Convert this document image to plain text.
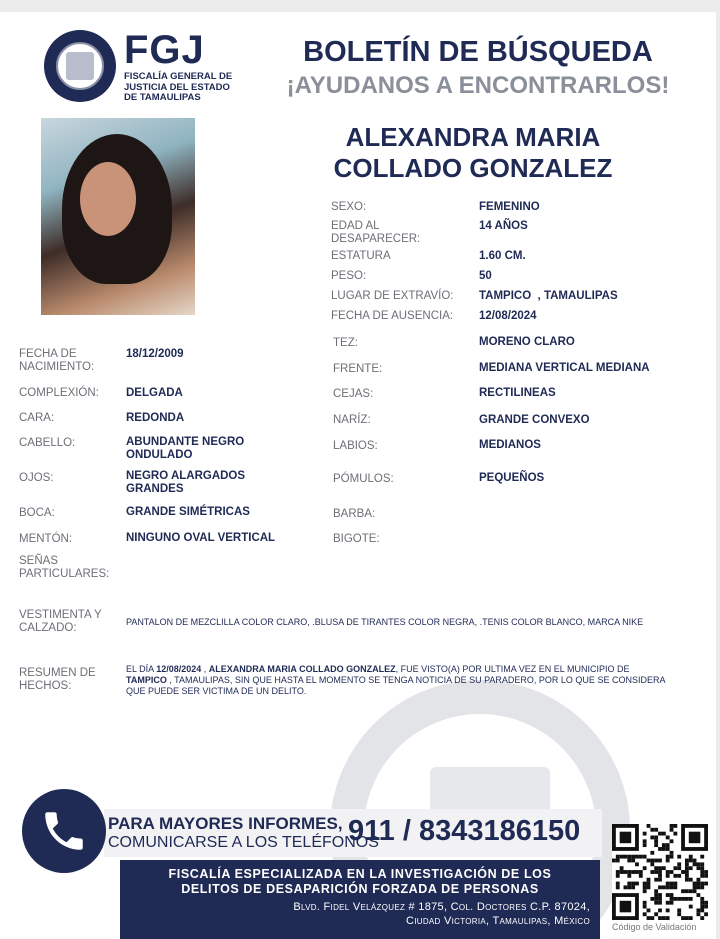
FGJ
FISCALÍA GENERAL DE JUSTICIA DEL ESTADO DE TAMAULIPAS
BOLETÍN DE BÚSQUEDA
¡AYUDANOS A ENCONTRARLOS!
ALEXANDRA MARIA
COLLADO GONZALEZ
SEXO:	FEMENINO
EDAD AL DESAPARECER:
14 AÑOS
ESTATURA	1.60 CM.
PESO:	50
LUGAR DE EXTRAVÍO: TAMPICO  , TAMAULIPAS
FECHA DE AUSENCIA: 12/08/2024
TEZ:	MORENO CLARO
FRENTE:	MEDIANA VERTICAL MEDIANA
CEJAS:	RECTILINEAS
NARÍZ:	GRANDE CONVEXO
LABIOS:	MEDIANOS
PÓMULOS:	PEQUEÑOS
BARBA:
BIGOTE:
FECHA DE NACIMIENTO:
18/12/2009
COMPLEXIÓN: DELGADA
CARA:	REDONDA
CABELLO:	ABUNDANTE NEGRO ONDULADO
OJOS:	NEGRO ALARGADOS GRANDES
BOCA:	GRANDE SIMÉTRICAS
MENTÓN:	NINGUNO OVAL VERTICAL
SEÑAS PARTICULARES:
VESTIMENTA Y CALZADO:	PANTALON DE MEZCLILLA COLOR CLARO, .BLUSA DE TIRANTES COLOR NEGRA, .TENIS COLOR BLANCO, MARCA NIKE
RESUMEN DE HECHOS:
EL DÍA 12/08/2024 , ALEXANDRA MARIA COLLADO GONZALEZ, FUE VISTO(A) POR ULTIMA VEZ EN EL MUNICIPIO DE TAMPICO , TAMAULIPAS, SIN QUE HASTA EL MOMENTO SE TENGA NOTICIA DE SU PARADERO, POR LO QUE SE CONSIDERA QUE PUEDE SER VICTIMA DE UN DELITO.
PARA MAYORES INFORMES,
COMUNICARSE A LOS TELÉFONOS
911 / 8343186150
FISCALÍA ESPECIALIZADA EN LA INVESTIGACIÓN DE LOS
DELITOS DE DESAPARICIÓN FORZADA DE PERSONAS
Blvd. Fidel Velázquez # 1875, Col. Doctores C.P. 87024,
Ciudad Victoria, Tamaulipas, México Código de Validación
